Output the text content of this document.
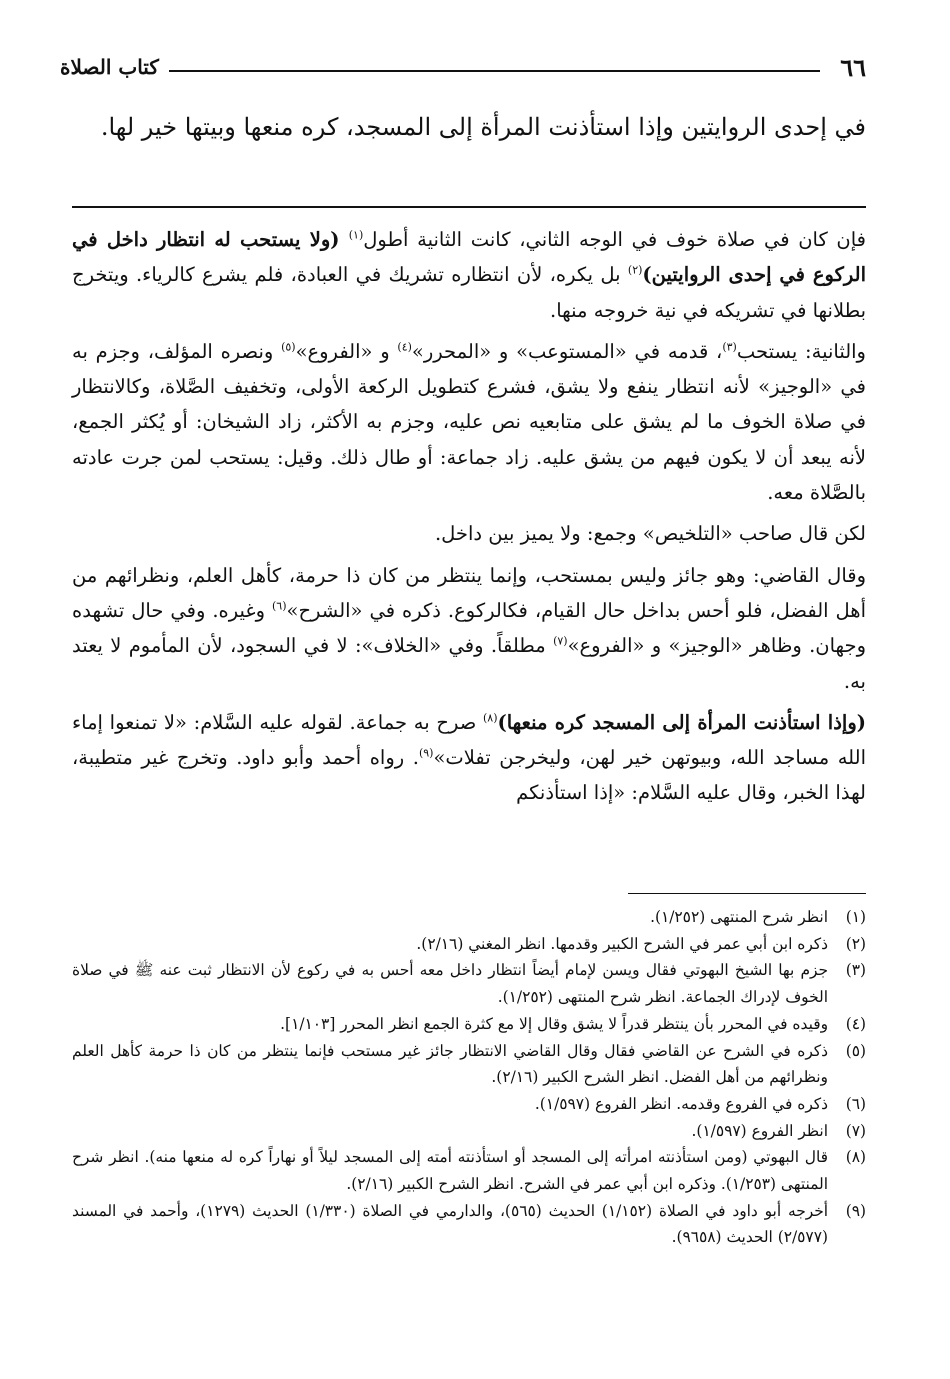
٦٦
كتاب الصلاة
في إحدى الروايتين وإذا استأذنت المرأة إلى المسجد، كره منعها وبيتها خير لها.

فإن كان في صلاة خوف في الوجه الثاني، كانت الثانية أطول$^{(١)}$ (ولا يستحب له انتظار داخل في الركوع في إحدى الروايتين)$^{(٢)}$ بل يكره، لأن انتظاره تشريك في العبادة، فلم يشرع كالرياء. ويتخرج بطلانها في تشريكه في نية خروجه منها.

والثانية: يستحب$^{(٣)}$، قدمه في «المستوعب» و «المحرر»$^{(٤)}$ و «الفروع»$^{(٥)}$ ونصره المؤلف، وجزم به في «الوجيز» لأنه انتظار ينفع ولا يشق، فشرع كتطويل الركعة الأولى، وتخفيف الصَّلاة، وكالانتظار في صلاة الخوف ما لم يشق على متابعيه نص عليه، وجزم به الأكثر، زاد الشيخان: أو يُكثر الجمع، لأنه يبعد أن لا يكون فيهم من يشق عليه. زاد جماعة: أو طال ذلك. وقيل: يستحب لمن جرت عادته بالصَّلاة معه.

لكن قال صاحب «التلخيص» وجمع: ولا يميز بين داخل.

وقال القاضي: وهو جائز وليس بمستحب، وإنما ينتظر من كان ذا حرمة، كأهل العلم، ونظرائهم من أهل الفضل، فلو أحس بداخل حال القيام، فكالركوع. ذكره في «الشرح»$^{(٦)}$ وغيره. وفي حال تشهده وجهان. وظاهر «الوجيز» و «الفروع»$^{(٧)}$ مطلقاً. وفي «الخلاف»: لا في السجود، لأن المأموم لا يعتد به.

(وإذا استأذنت المرأة إلى المسجد كره منعها)$^{(٨)}$ صرح به جماعة. لقوله عليه السَّلام: «لا تمنعوا إماء الله مساجد الله، وبيوتهن خير لهن، وليخرجن تفلات»$^{(٩)}$. رواه أحمد وأبو داود. وتخرج غير متطيبة، لهذا الخبر، وقال عليه السَّلام: «إذا استأذنكم

(١)
انظر شرح المنتهى (١/٢٥٢).
(٢)
ذكره ابن أبي عمر في الشرح الكبير وقدمها. انظر المغني (٢/١٦).
(٣)
جزم بها الشيخ البهوتي فقال ويسن لإمام أيضاً انتظار داخل معه أحس به في ركوع لأن الانتظار ثبت عنه ﷺ في صلاة الخوف لإدراك الجماعة. انظر شرح المنتهى (١/٢٥٢).
(٤)
وقيده في المحرر بأن ينتظر قدراً لا يشق وقال إلا مع كثرة الجمع انظر المحرر [١/١٠٣].
(٥)
ذكره في الشرح عن القاضي فقال وقال القاضي الانتظار جائز غير مستحب فإنما ينتظر من كان ذا حرمة كأهل العلم ونظرائهم من أهل الفضل. انظر الشرح الكبير (٢/١٦).
(٦)
ذكره في الفروع وقدمه. انظر الفروع (١/٥٩٧).
(٧)
انظر الفروع (١/٥٩٧).
(٨)
قال البهوتي (ومن استأذنته امرأته إلى المسجد أو استأذنته أمته إلى المسجد ليلاً أو نهاراً كره له منعها منه). انظر شرح المنتهى (١/٢٥٣). وذكره ابن أبي عمر في الشرح. انظر الشرح الكبير (٢/١٦).
(٩)
أخرجه أبو داود في الصلاة (١/١٥٢) الحديث (٥٦٥)، والدارمي في الصلاة (١/٣٣٠) الحديث (١٢٧٩)، وأحمد في المسند (٢/٥٧٧) الحديث (٩٦٥٨).
